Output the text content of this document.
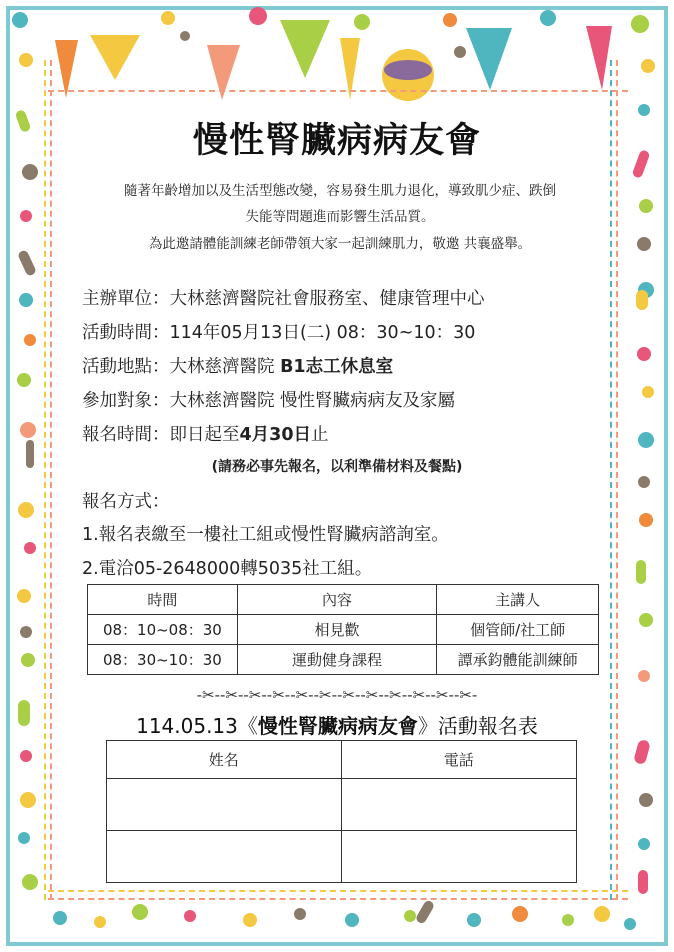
慢性腎臟病病友會
隨著年齡增加以及生活型態改變，容易發生肌力退化，導致肌少症、跌倒
失能等問題進而影響生活品質。
為此邀請體能訓練老師帶領大家一起訓練肌力，敬邀 共襄盛舉。
主辦單位：大林慈濟醫院社會服務室、健康管理中心
活動時間：114年05月13日(二) 08：30~10：30
活動地點：大林慈濟醫院 B1志工休息室
參加對象：大林慈濟醫院 慢性腎臟病病友及家屬
報名時間：即日起至4月30日止
(請務必事先報名，以利準備材料及餐點)
報名方式：
1.報名表繳至一樓社工組或慢性腎臟病諮詢室。
2.電洽05-2648000轉5035社工組。
時間	內容	主講人
08：10~08：30	相見歡	個管師/社工師
08：30~10：30	運動健身課程	譚承鈞體能訓練師
-✂--✂--✂--✂--✂--✂--✂--✂--✂--✂--✂--✂-
114.05.13《慢性腎臟病病友會》活動報名表
姓名	電話
